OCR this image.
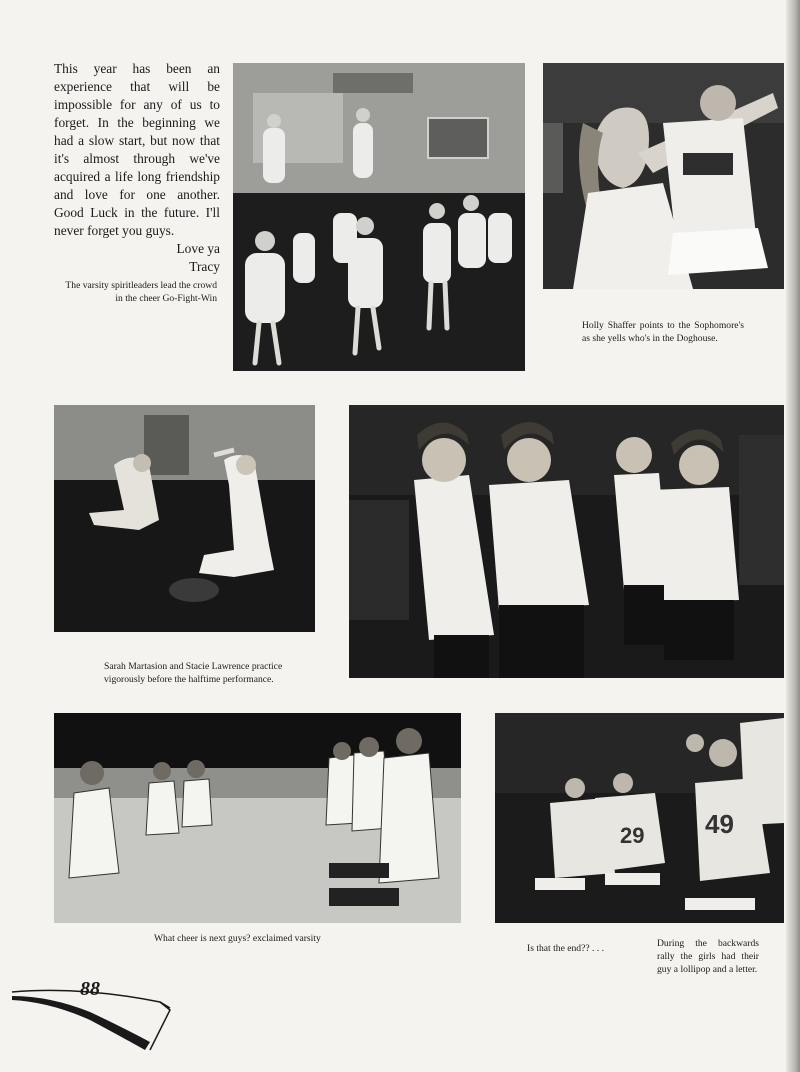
This year has been an experience that will be impossible for any of us to forget. In the beginning we had a slow start, but now that it's almost through we've acquired a life long friendship and love for one another. Good Luck in the future. I'll never forget you guys.

Love ya
Tracy
The varsity spiritleaders lead the crowd in the cheer Go-Fight-Win
Holly Shaffer points to the Sophomore's as she yells who's in the Doghouse.
Sarah Martasion and Stacie Lawrence practice vigorously before the halftime performance.
What cheer is next guys? exclaimed varsity
29 49
Is that the end?? . . .	During the backwards rally the girls had their guy a lollipop and a letter.
88
